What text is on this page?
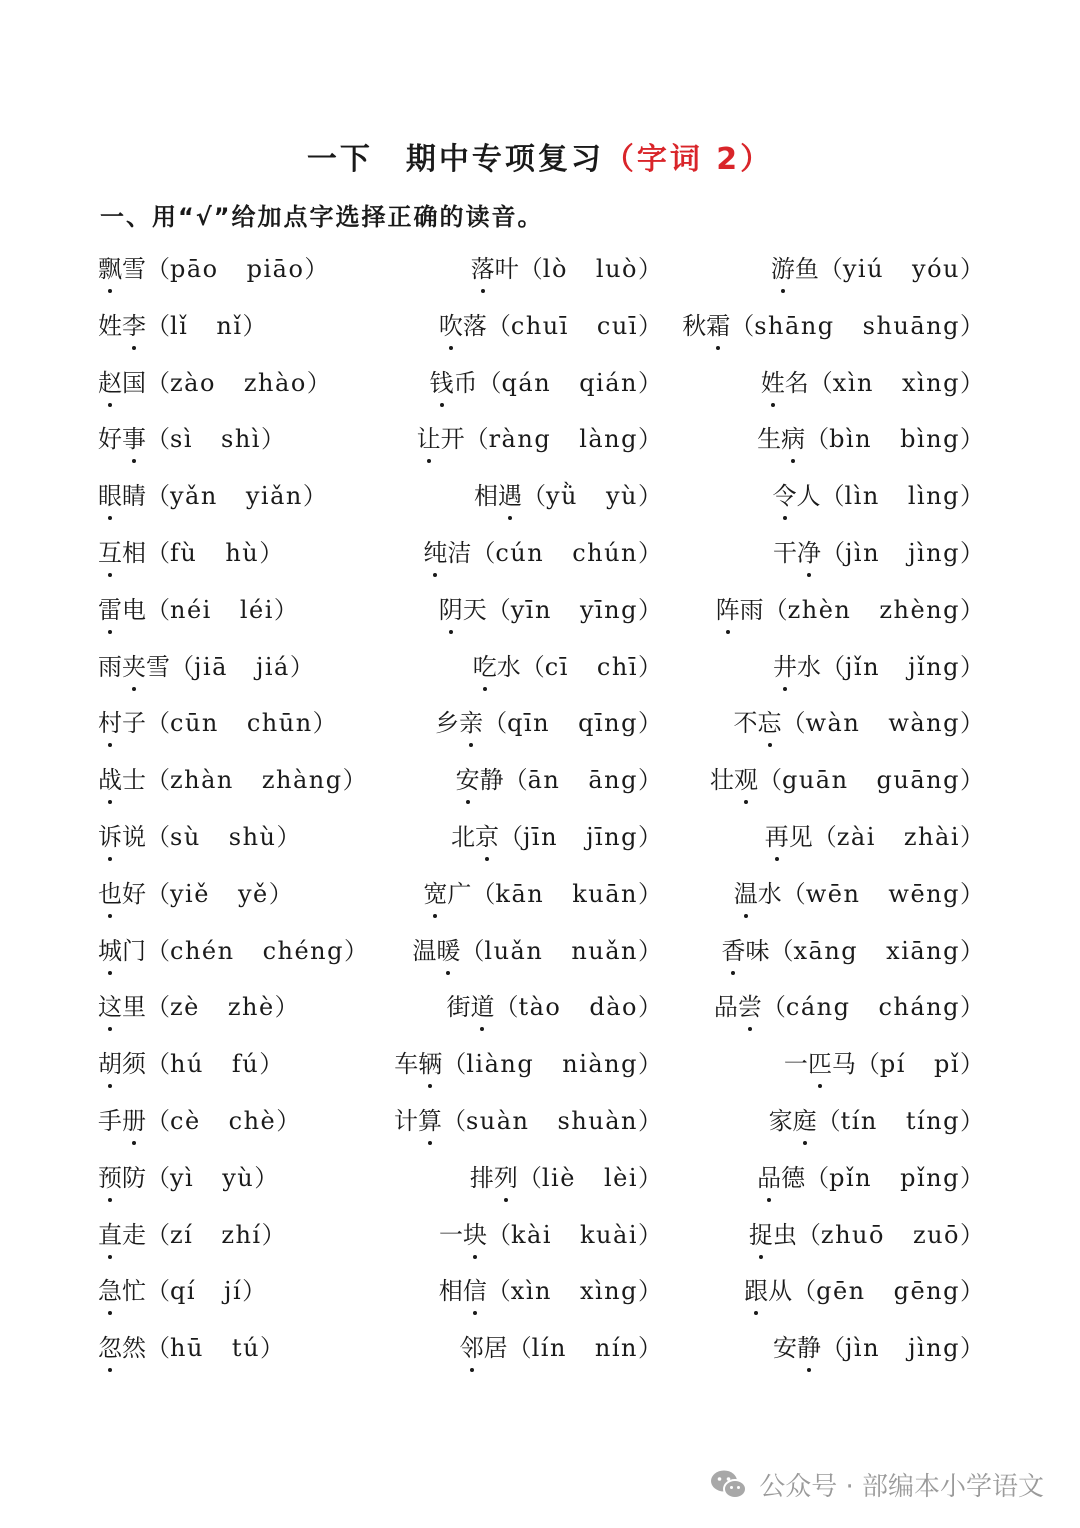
一下　期中专项复习（字词 2）
一、用“√”给加点字选择正确的读音。
飘雪（pāo piāo）	落叶（lò luò）	游鱼（yiú yóu）
姓李（lǐ nǐ）	吹落（chuī cuī） 秋霜（shāng shuāng）
赵国（zào zhào）	钱币（qán qián）	姓名（xìn xìng）
好事（sì shì）	让开（ràng làng）	生病（bìn bìng）
眼睛（yǎn yiǎn）	相遇（yǜ yù）	令人（lìn lìng）
互相（fù hù）	纯洁（cún chún）	干净（jìn jìng）
雷电（néi léi）	阴天（yīn yīng） 阵雨（zhèn zhèng）
雨夹雪（jiā jiá）	吃水（cī chī）	井水（jǐn jǐng）
村子（cūn chūn）	乡亲（qīn qīng）	不忘（wàn wàng）
战士（zhàn zhàng）	安静（ān āng） 壮观（guān guāng）
诉说（sù shù）	北京（jīn jīng）	再见（zài zhài）
也好（yiě yě）	宽广（kān kuān）	温水（wēn wēng）
城门（chén chéng） 温暖（luǎn nuǎn） 香味（xāng xiāng）
这里（zè zhè）	街道（tào dào） 品尝（cáng cháng）
胡须（hú fú）	车辆（liàng niàng）	一匹马（pí pǐ）
手册（cè chè）	计算（suàn shuàn）	家庭（tín tíng）
预防（yì yù）	排列（liè lèi）	品德（pǐn pǐng）
直走（zí zhí）	一块（kài kuài）	捉虫（zhuō zuō）
急忙（qí jí）	相信（xìn xìng）	跟从（gēn gēng）
忽然（hū tú）	邻居（lín nín）	安静（jìn jìng）
公众号 · 部编本小学语文
